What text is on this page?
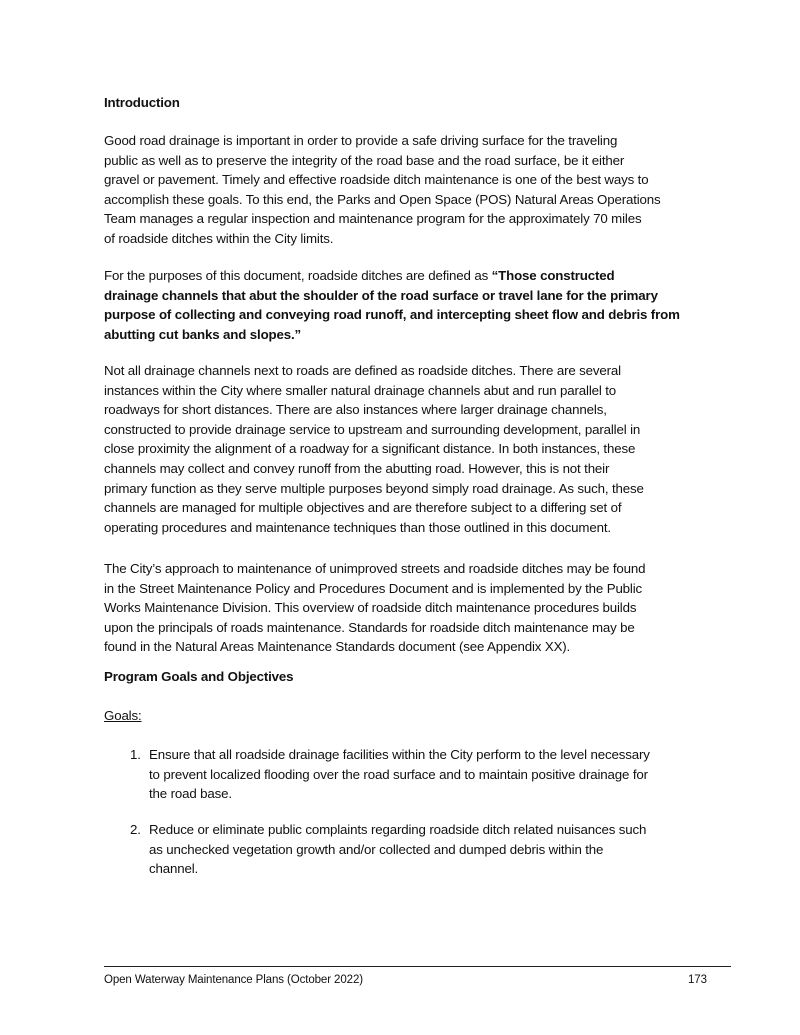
Introduction
Good road drainage is important in order to provide a safe driving surface for the traveling
public as well as to preserve the integrity of the road base and the road surface, be it either
gravel or pavement. Timely and effective roadside ditch maintenance is one of the best ways to
accomplish these goals. To this end, the Parks and Open Space (POS) Natural Areas Operations
Team manages a regular inspection and maintenance program for the approximately 70 miles
of roadside ditches within the City limits.
For the purposes of this document, roadside ditches are defined as “Those constructed
drainage channels that abut the shoulder of the road surface or travel lane for the primary
purpose of collecting and conveying road runoff, and intercepting sheet flow and debris from
abutting cut banks and slopes.”
Not all drainage channels next to roads are defined as roadside ditches. There are several
instances within the City where smaller natural drainage channels abut and run parallel to
roadways for short distances. There are also instances where larger drainage channels,
constructed to provide drainage service to upstream and surrounding development, parallel in
close proximity the alignment of a roadway for a significant distance. In both instances, these
channels may collect and convey runoff from the abutting road. However, this is not their
primary function as they serve multiple purposes beyond simply road drainage. As such, these
channels are managed for multiple objectives and are therefore subject to a differing set of
operating procedures and maintenance techniques than those outlined in this document.
The City’s approach to maintenance of unimproved streets and roadside ditches may be found
in the Street Maintenance Policy and Procedures Document and is implemented by the Public
Works Maintenance Division. This overview of roadside ditch maintenance procedures builds
upon the principals of roads maintenance. Standards for roadside ditch maintenance may be
found in the Natural Areas Maintenance Standards document (see Appendix XX).
Program Goals and Objectives
Goals:
1. Ensure that all roadside drainage facilities within the City perform to the level necessary
to prevent localized flooding over the road surface and to maintain positive drainage for
the road base.
2. Reduce or eliminate public complaints regarding roadside ditch related nuisances such
as unchecked vegetation growth and/or collected and dumped debris within the
channel.
Open Waterway Maintenance Plans (October 2022)	173
